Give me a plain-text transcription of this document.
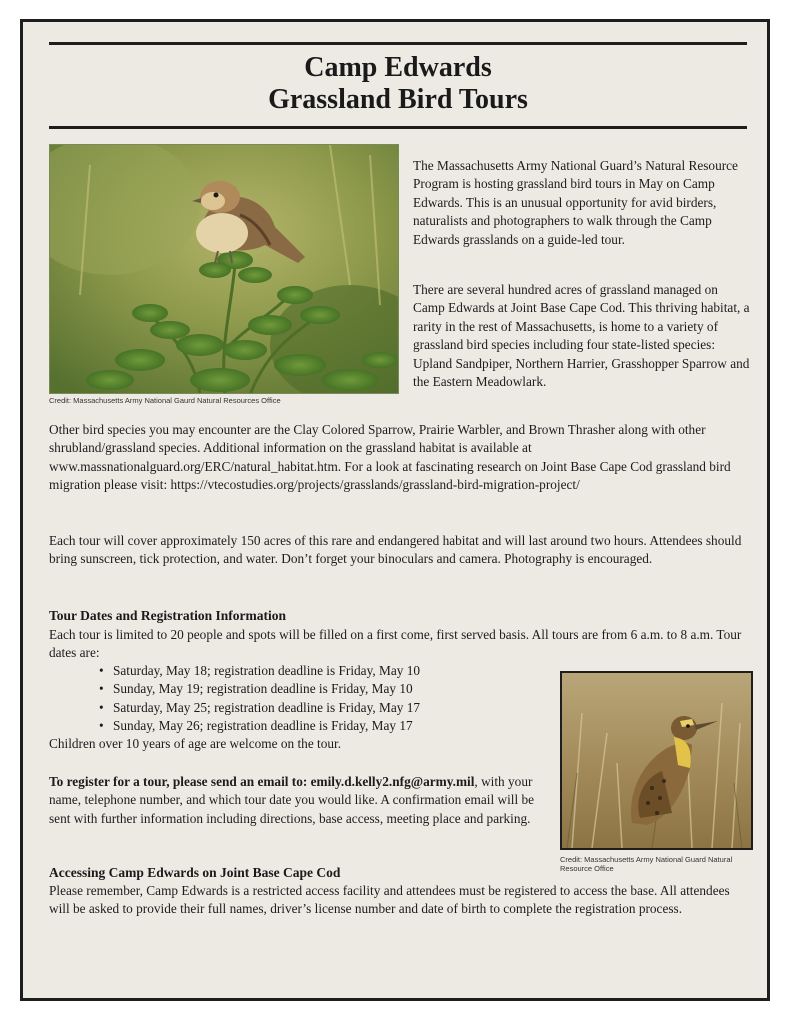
Camp Edwards
Grassland Bird Tours
Credit: Massachusetts Army National Gaurd Natural Resources Office

The Massachusetts Army National Guard’s Natural Resource Program is hosting grassland bird tours in May on Camp Edwards. This is an unusual opportunity for avid birders, naturalists and photographers to walk through the Camp Edwards grasslands on a guide-led tour.

There are several hundred acres of grassland managed on Camp Edwards at Joint Base Cape Cod. This thriving habitat, a rarity in the rest of Massachusetts, is home to a variety of grassland bird species including four state-listed species: Upland Sandpiper, Northern Harrier, Grasshopper Sparrow and the Eastern Meadowlark.

Other bird species you may encounter are the Clay Colored Sparrow, Prairie Warbler, and Brown Thrasher along with other shrubland/grassland species. Additional information on the grassland habitat is available at www.massnationalguard.org/ERC/natural_habitat.htm. For a look at fascinating research on Joint Base Cape Cod grassland bird migration please visit: https://vtecostudies.org/projects/grasslands/grassland-bird-migration-project/

Each tour will cover approximately 150 acres of this rare and endangered habitat and will last around two hours. Attendees should bring sunscreen, tick protection, and water. Don’t forget your binoculars and camera. Photography is encouraged.

Tour Dates and Registration Information

Each tour is limited to 20 people and spots will be filled on a first come, first served basis. All tours are from 6 a.m. to 8 a.m. Tour dates are:

• Saturday, May 18; registration deadline is Friday, May 10
• Sunday, May 19; registration deadline is Friday, May 10
• Saturday, May 25; registration deadline is Friday, May 17
• Sunday, May 26; registration deadline is Friday, May 17

Children over 10 years of age are welcome on the tour.

To register for a tour, please send an email to: emily.d.kelly2.nfg@army.mil, with your name, telephone number, and which tour date you would like. A confirmation email will be sent with further information including directions, base access, meeting place and parking.

Credit: Massachusetts Army National Guard Natural Resource Office
Accessing Camp Edwards on Joint Base Cape Cod

Please remember, Camp Edwards is a restricted access facility and attendees must be registered to access the base. All attendees will be asked to provide their full names, driver’s license number and date of birth to complete the registration process.
